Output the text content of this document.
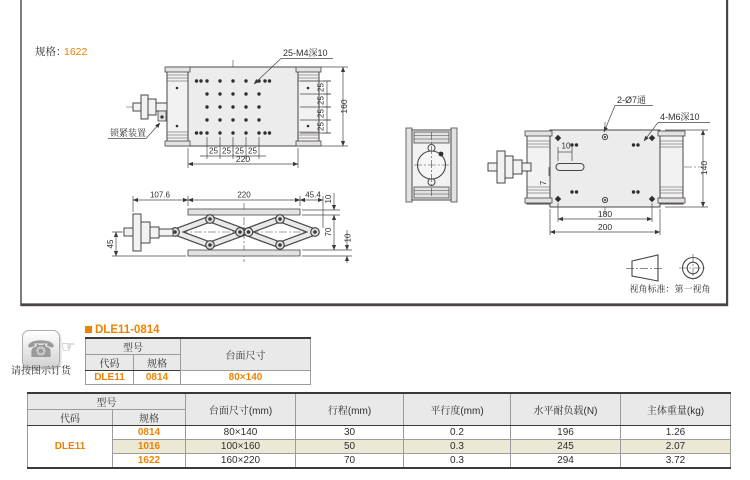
规格：
1622
25
25
25
25
160
25 25 25 25
220
25-M4深10
锁紧装置
107.6	220	45.4 10
70
10
45
10
7
140
180
200
2-Ø7通
4-M6深10
视角标准：第一视角
☎ ☞
请按图示订货
DLE11-0814
型号		台面尺寸
代码	规格	
DLE11	0814	80×140
型号		台面尺寸(mm)	行程(mm)	平行度(mm)	水平耐负载(N)	主体重量(kg)
代码	规格					
DLE11	0814	80×140	30	0.2	196	1.26
	1016	100×160	50	0.3	245	2.07
	1622	160×220	70	0.3	294	3.72
